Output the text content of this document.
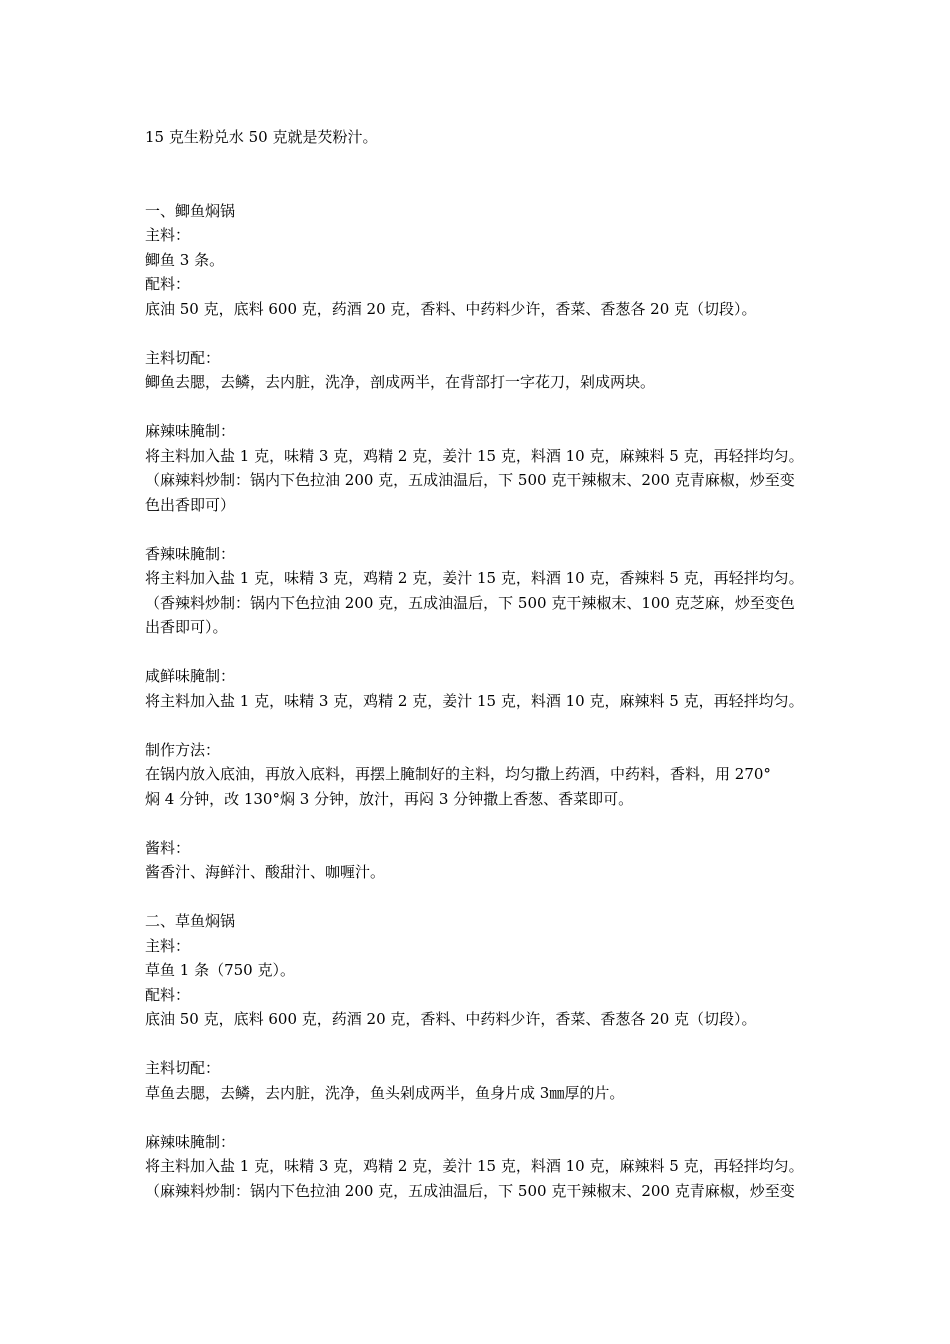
15 克生粉兑水 50 克就是芡粉汁。
一、鲫鱼焖锅
主料：
鲫鱼 3 条。
配料：
底油 50 克，底料 600 克，药酒 20 克，香料、中药料少许，香菜、香葱各 20 克（切段）。
主料切配：
鲫鱼去腮，去鳞，去内脏，洗净，剖成两半，在背部打一字花刀，剁成两块。
麻辣味腌制：
将主料加入盐 1 克，味精 3 克，鸡精 2 克，姜汁 15 克，料酒 10 克，麻辣料 5 克，再轻拌均匀。
（麻辣料炒制：锅内下色拉油 200 克，五成油温后，下 500 克干辣椒末、200 克青麻椒，炒至变
色出香即可）
香辣味腌制：
将主料加入盐 1 克，味精 3 克，鸡精 2 克，姜汁 15 克，料酒 10 克，香辣料 5 克，再轻拌均匀。
（香辣料炒制：锅内下色拉油 200 克，五成油温后，下 500 克干辣椒末、100 克芝麻，炒至变色
出香即可）。
咸鲜味腌制：
将主料加入盐 1 克，味精 3 克，鸡精 2 克，姜汁 15 克，料酒 10 克，麻辣料 5 克，再轻拌均匀。
制作方法：
在锅内放入底油，再放入底料，再摆上腌制好的主料，均匀撒上药酒，中药料，香料，用 270°
焖 4 分钟，改 130°焖 3 分钟，放汁，再闷 3 分钟撒上香葱、香菜即可。
酱料：
酱香汁、海鲜汁、酸甜汁、咖喱汁。
二、草鱼焖锅
主料：
草鱼 1 条（750 克）。
配料：
底油 50 克，底料 600 克，药酒 20 克，香料、中药料少许，香菜、香葱各 20 克（切段）。
主料切配：
草鱼去腮，去鳞，去内脏，洗净，鱼头剁成两半，鱼身片成 3㎜厚的片。
麻辣味腌制：
将主料加入盐 1 克，味精 3 克，鸡精 2 克，姜汁 15 克，料酒 10 克，麻辣料 5 克，再轻拌均匀。
（麻辣料炒制：锅内下色拉油 200 克，五成油温后，下 500 克干辣椒末、200 克青麻椒，炒至变
